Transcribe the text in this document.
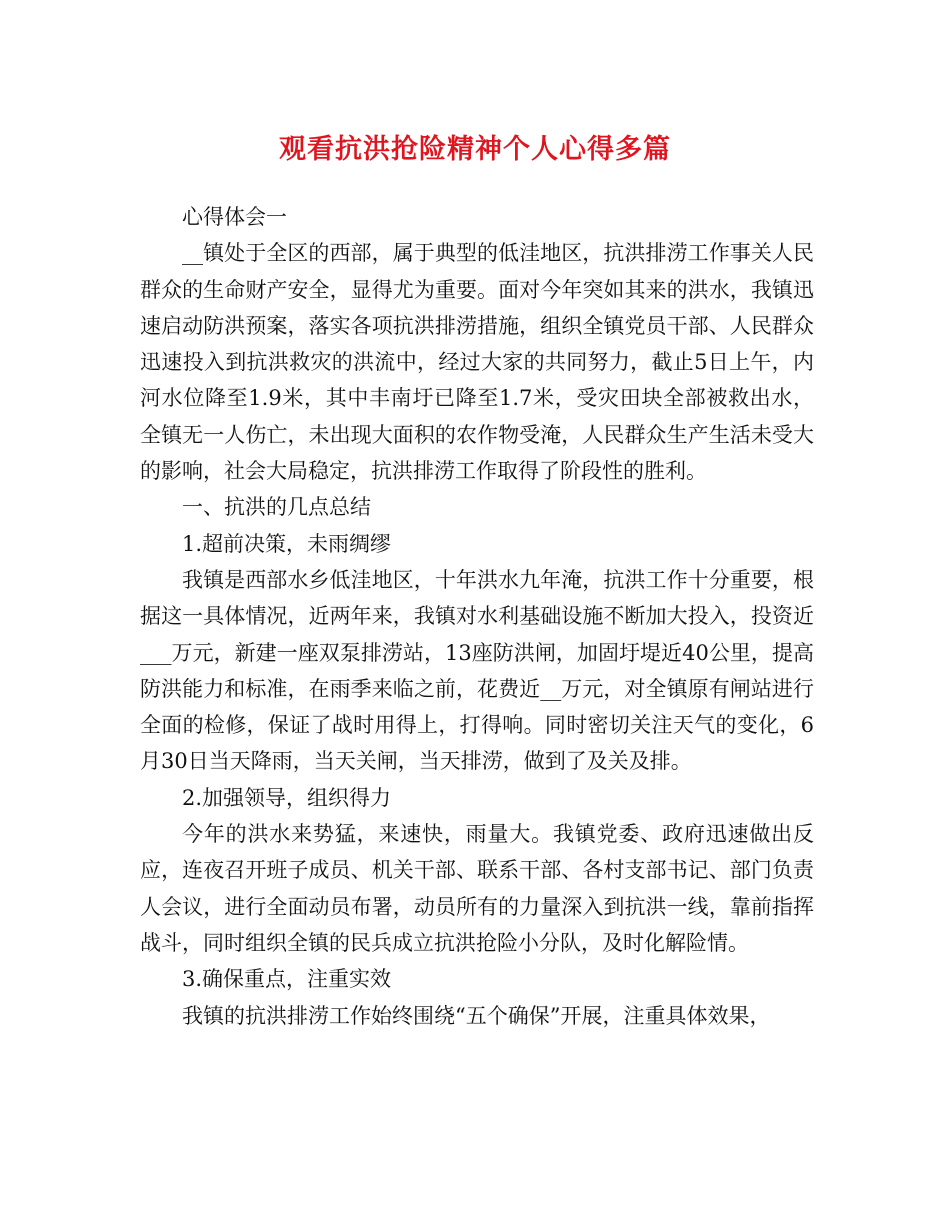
观看抗洪抢险精神个人心得多篇

心得体会一

__镇处于全区的西部，属于典型的低洼地区，抗洪排涝工作事关人民群众的生命财产安全，显得尤为重要。面对今年突如其来的洪水，我镇迅速启动防洪预案，落实各项抗洪排涝措施，组织全镇党员干部、人民群众迅速投入到抗洪救灾的洪流中，经过大家的共同努力，截止5日上午，内河水位降至1.9米，其中丰南圩已降至1.7米，受灾田块全部被救出水，全镇无一人伤亡，未出现大面积的农作物受淹，人民群众生产生活未受大的影响，社会大局稳定，抗洪排涝工作取得了阶段性的胜利。

一、抗洪的几点总结

1.超前决策，未雨绸缪

我镇是西部水乡低洼地区，十年洪水九年淹，抗洪工作十分重要，根据这一具体情况，近两年来，我镇对水利基础设施不断加大投入，投资近___万元，新建一座双泵排涝站，13座防洪闸，加固圩堤近40公里，提高防洪能力和标准，在雨季来临之前，花费近__万元，对全镇原有闸站进行全面的检修，保证了战时用得上，打得响。同时密切关注天气的变化，6月30日当天降雨，当天关闸，当天排涝，做到了及关及排。

2.加强领导，组织得力

今年的洪水来势猛，来速快，雨量大。我镇党委、政府迅速做出反应，连夜召开班子成员、机关干部、联系干部、各村支部书记、部门负责人会议，进行全面动员布署，动员所有的力量深入到抗洪一线，靠前指挥战斗，同时组织全镇的民兵成立抗洪抢险小分队，及时化解险情。

3.确保重点，注重实效

我镇的抗洪排涝工作始终围绕“五个确保”开展，注重具体效果，
